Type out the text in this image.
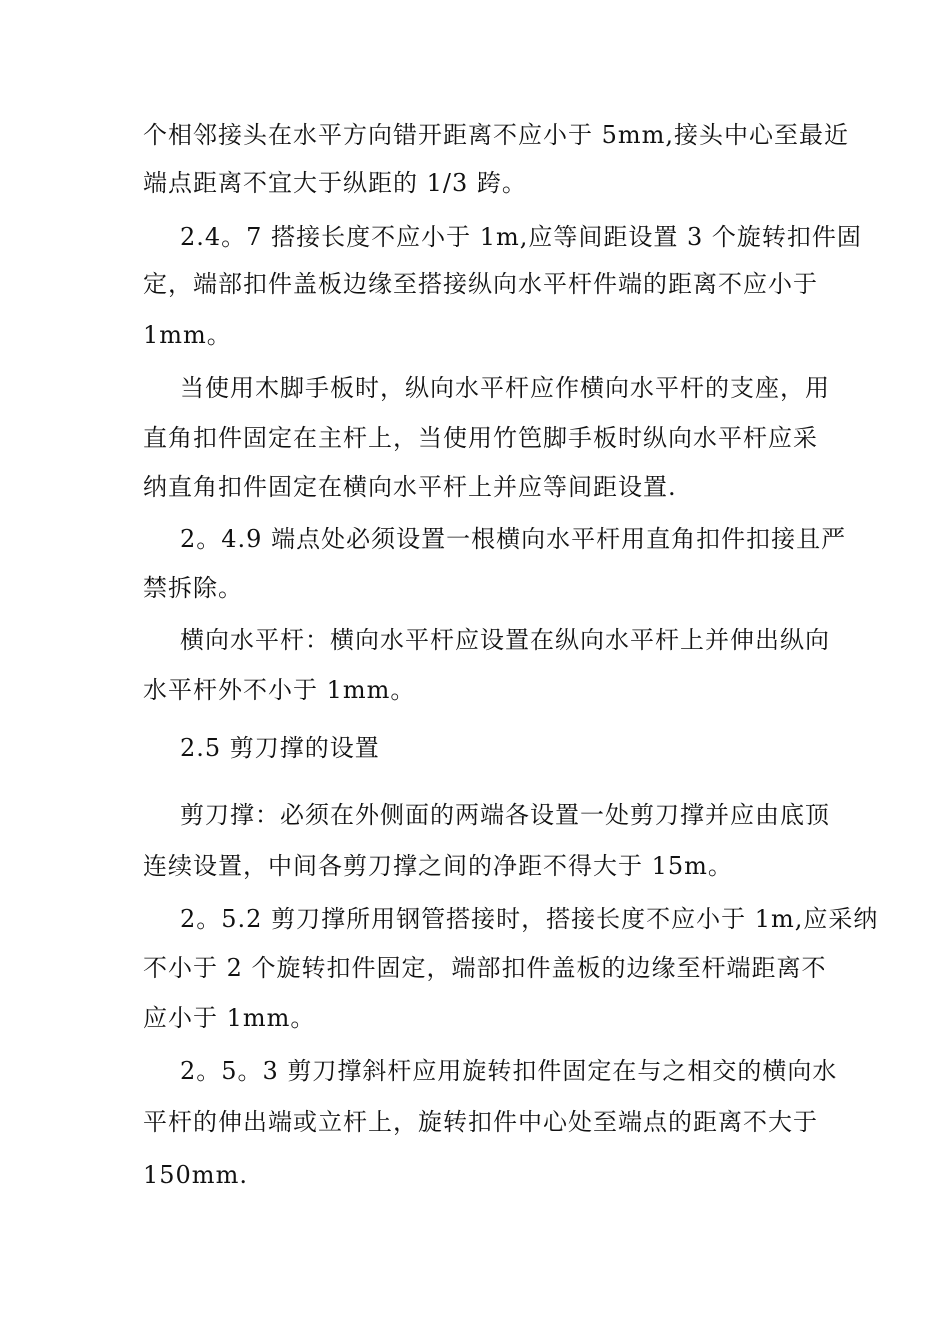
个相邻接头在水平方向错开距离不应小于 5mm,接头中心至最近
端点距离不宜大于纵距的 1/3 跨。
2.4。7 搭接长度不应小于 1m,应等间距设置 3 个旋转扣件固
定，端部扣件盖板边缘至搭接纵向水平杆件端的距离不应小于
1mm。
当使用木脚手板时，纵向水平杆应作横向水平杆的支座，用
直角扣件固定在主杆上，当使用竹笆脚手板时纵向水平杆应采
纳直角扣件固定在横向水平杆上并应等间距设置.
2。4.9 端点处必须设置一根横向水平杆用直角扣件扣接且严
禁拆除。
横向水平杆：横向水平杆应设置在纵向水平杆上并伸出纵向
水平杆外不小于 1mm。
2.5 剪刀撑的设置
剪刀撑：必须在外侧面的两端各设置一处剪刀撑并应由底顶
连续设置，中间各剪刀撑之间的净距不得大于 15m。
2。5.2 剪刀撑所用钢管搭接时，搭接长度不应小于 1m,应采纳
不小于 2 个旋转扣件固定，端部扣件盖板的边缘至杆端距离不
应小于 1mm。
2。5。3 剪刀撑斜杆应用旋转扣件固定在与之相交的横向水
平杆的伸出端或立杆上，旋转扣件中心处至端点的距离不大于
150mm.
